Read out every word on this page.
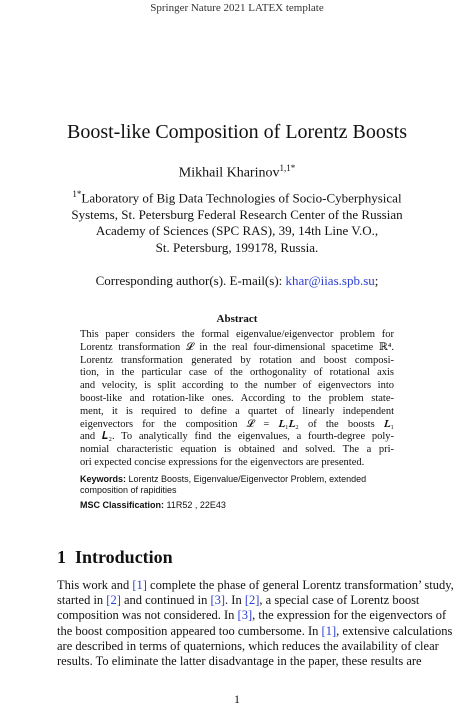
Springer Nature 2021 LATEX template
Boost-like Composition of Lorentz Boosts
Mikhail Kharinov$^{1,1*}$
$^{1*}$Laboratory of Big Data Technologies of Socio-Cyberphysical
Systems, St. Petersburg Federal Research Center of the Russian
Academy of Sciences (SPC RAS), 39, 14th Line V.O.,
St. Petersburg, 199178, Russia.
Corresponding author(s). E-mail(s): khar@iias.spb.su;
Abstract
This paper considers the formal eigenvalue/eigenvector problem for
Lorentz transformation 𝓛 in the real four-dimensional spacetime ℝ⁴.
Lorentz transformation generated by rotation and boost composi-
tion, in the particular case of the orthogonality of rotational axis
and velocity, is split according to the number of eigenvectors into
boost-like and rotation-like ones. According to the problem state-
ment, it is required to define a quartet of linearly independent
eigenvectors for the composition 𝓛 = 𝑳₁𝑳₂ of the boosts 𝑳₁
and 𝑳₂. To analytically find the eigenvalues, a fourth-degree poly-
nomial characteristic equation is obtained and solved. The a pri-
ori expected concise expressions for the eigenvectors are presented.
Keywords: Lorentz Boosts, Eigenvalue/Eigenvector Problem, extended composition of rapidities
MSC Classification: 11R52 , 22E43
1 Introduction
This work and [1] complete the phase of general Lorentz transformation’ study,
started in [2] and continued in [3]. In [2], a special case of Lorentz boost
composition was not considered. In [3], the expression for the eigenvectors of
the boost composition appeared too cumbersome. In [1], extensive calculations
are described in terms of quaternions, which reduces the availability of clear
results. To eliminate the latter disadvantage in the paper, these results are
1
